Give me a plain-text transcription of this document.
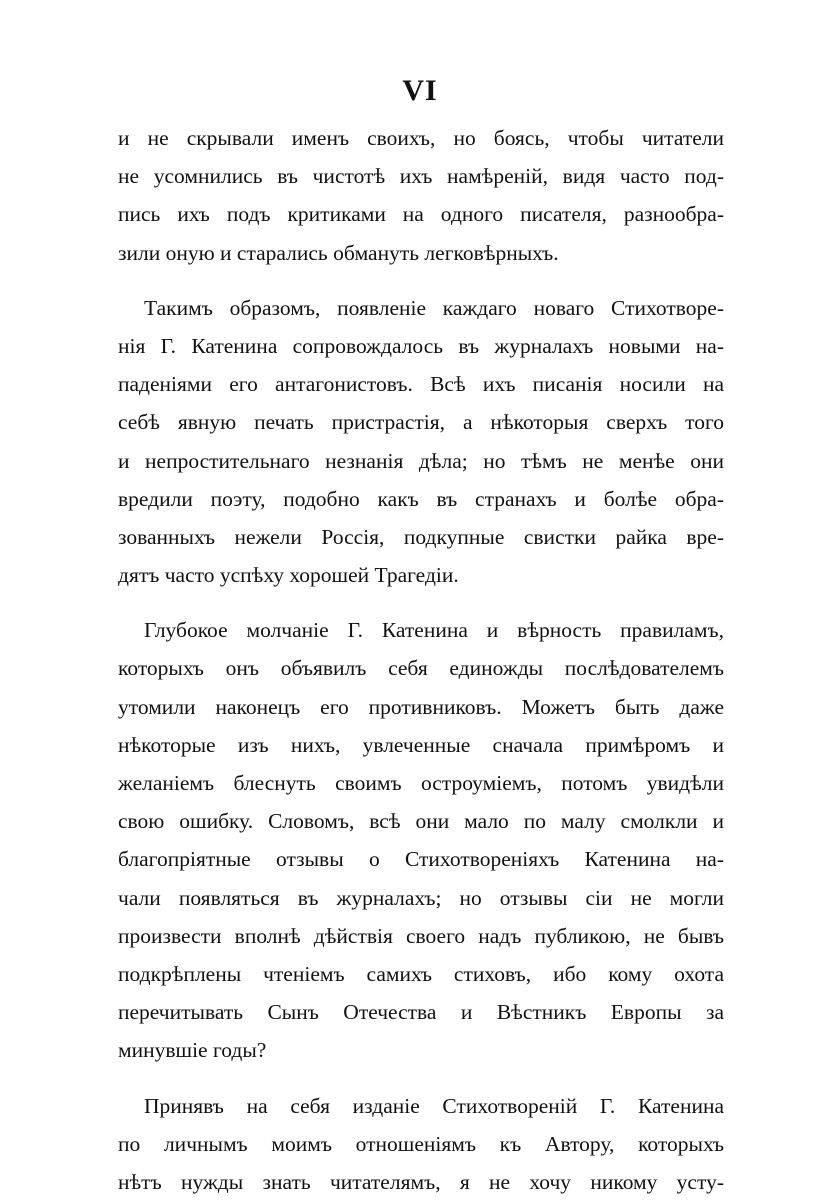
VI
и не скрывали именъ своихъ, но боясь, чтобы читатели
не усомнились въ чистотѣ ихъ намѣреній, видя часто под-
пись ихъ подъ критиками на одного писателя, разнообра-
зили оную и старались обмануть легковѣрныхъ.
Такимъ образомъ, появленіе каждаго новаго Стихотворе-
нія Г. Катенина сопровождалось въ журналахъ новыми на-
паденіями его антагонистовъ. Всѣ ихъ писанія носили на
себѣ явную печать пристрастія, а нѣкоторыя сверхъ того
и непростительнаго незнанія дѣла; но тѣмъ не менѣе они
вредили поэту, подобно какъ въ странахъ и болѣе обра-
зованныхъ нежели Россія, подкупные свистки райка вре-
дятъ часто успѣху хорошей Трагедіи.
Глубокое молчаніе Г. Катенина и вѣрность правиламъ,
которыхъ онъ объявилъ себя единожды послѣдователемъ
утомили наконецъ его противниковъ. Можетъ быть даже
нѣкоторые изъ нихъ, увлеченные сначала примѣромъ и
желаніемъ блеснуть своимъ остроуміемъ, потомъ увидѣли
свою ошибку. Словомъ, всѣ они мало по малу смолкли и
благопріятные отзывы о Стихотвореніяхъ Катенина на-
чали появляться въ журналахъ; но отзывы сіи не могли
произвести вполнѣ дѣйствія своего надъ публикою, не бывъ
подкрѣплены чтеніемъ самихъ стиховъ, ибо кому охота
перечитывать Сынъ Отечества и Вѣстникъ Европы за
минувшіе годы?
Принявъ на себя изданіе Стихотвореній Г. Катенина
по личнымъ моимъ отношеніямъ къ Автору, которыхъ
нѣтъ нужды знать читателямъ, я не хочу никому усту-
